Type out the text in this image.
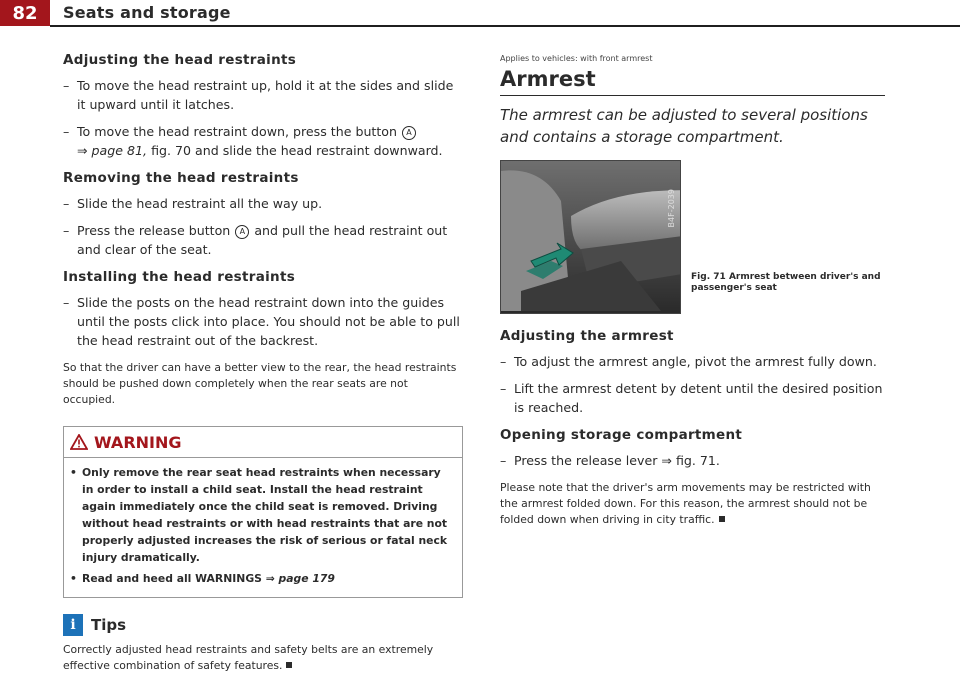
82	Seats and storage
Adjusting the head restraints
– To move the head restraint up, hold it at the sides and slide it upward until it latches.
– To move the head restraint down, press the button A
⇒ page 81, fig. 70 and slide the head restraint downward.
Removing the head restraints
– Slide the head restraint all the way up.
– Press the release button A and pull the head restraint out and clear of the seat.
Installing the head restraints
– Slide the posts on the head restraint down into the guides until the posts click into place. You should not be able to pull the head restraint out of the backrest.

So that the driver can have a better view to the rear, the head restraints should be pushed down completely when the rear seats are not occupied.

WARNING

• Only remove the rear seat head restraints when necessary in order to install a child seat. Install the head restraint again immediately once the child seat is removed. Driving without head restraints or with head restraints that are not properly adjusted increases the risk of serious or fatal neck injury dramatically.

• Read and heed all WARNINGS ⇒ page 179

i	Tips
Correctly adjusted head restraints and safety belts are an extremely effective combination of safety features.
Applies to vehicles: with front armrest
Armrest
The armrest can be adjusted to several positions and contains a storage compartment.
B4F-2039
Fig. 71 Armrest between driver's and passenger's seat
Adjusting the armrest
– To adjust the armrest angle, pivot the armrest fully down.
– Lift the armrest detent by detent until the desired position is reached.
Opening storage compartment
– Press the release lever ⇒ fig. 71.
Please note that the driver's arm movements may be restricted with the armrest folded down. For this reason, the armrest should not be folded down when driving in city traffic.
